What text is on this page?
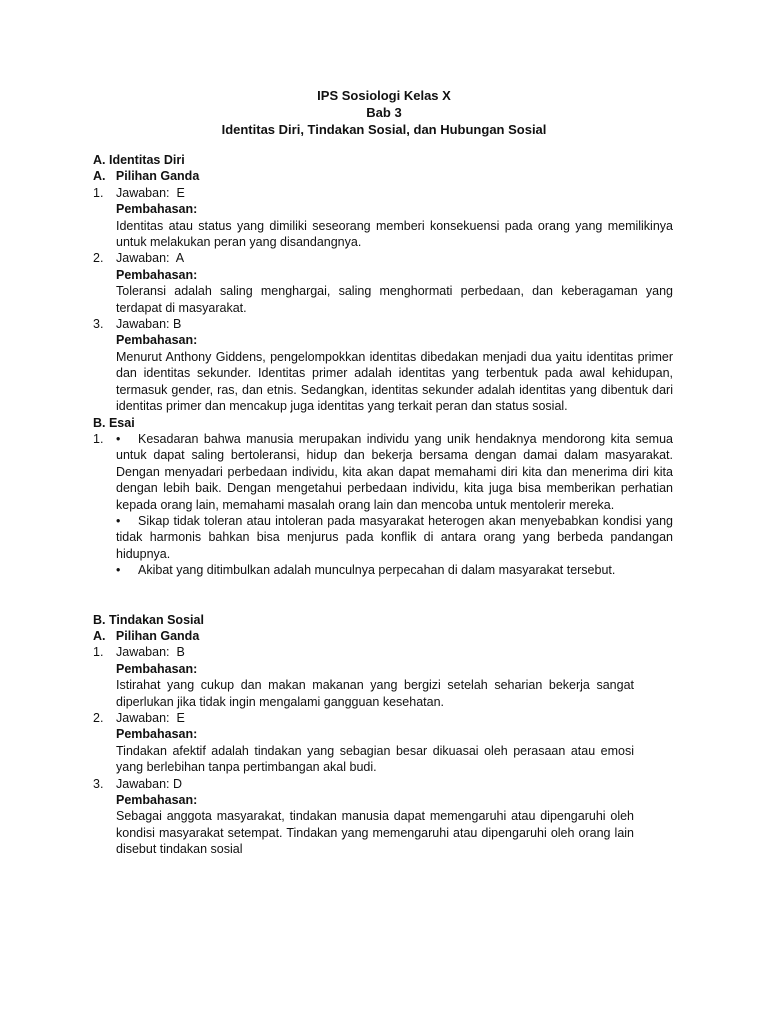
IPS Sosiologi Kelas X
Bab 3
Identitas Diri, Tindakan Sosial, dan Hubungan Sosial
A. Identitas Diri
A.   Pilihan Ganda
1.	Jawaban:  E
Pembahasan:
Identitas atau status yang dimiliki seseorang memberi konsekuensi pada orang yang memilikinya untuk melakukan peran yang disandangnya.
2.	Jawaban:  A
Pembahasan:
Toleransi adalah saling menghargai, saling menghormati perbedaan, dan keberagaman yang terdapat di masyarakat.
3.	Jawaban: B
Pembahasan:
Menurut Anthony Giddens, pengelompokkan identitas dibedakan menjadi dua yaitu identitas primer dan identitas sekunder. Identitas primer adalah identitas yang terbentuk pada awal kehidupan, termasuk gender, ras, dan etnis. Sedangkan, identitas sekunder adalah identitas yang dibentuk dari identitas primer dan mencakup juga identitas yang terkait peran dan status sosial.
B. Esai
1.	• Kesadaran bahwa manusia merupakan individu yang unik hendaknya mendorong kita semua untuk dapat saling bertoleransi, hidup dan bekerja bersama dengan damai dalam masyarakat. Dengan menyadari perbedaan individu, kita akan dapat memahami diri kita dan menerima diri kita dengan lebih baik. Dengan mengetahui perbedaan individu, kita juga bisa memberikan perhatian kepada orang lain, memahami masalah orang lain dan mencoba untuk mentolerir mereka.
• Sikap tidak toleran atau intoleran pada masyarakat heterogen akan menyebabkan kondisi yang tidak harmonis bahkan bisa menjurus pada konflik di antara orang yang berbeda pandangan hidupnya.
• Akibat yang ditimbulkan adalah munculnya perpecahan di dalam masyarakat tersebut.
B. Tindakan Sosial
A.   Pilihan Ganda
1.	Jawaban:  B
Pembahasan:
Istirahat yang cukup dan makan makanan yang bergizi setelah seharian bekerja sangat diperlukan jika tidak ingin mengalami gangguan kesehatan.
2.	Jawaban:  E
Pembahasan:
Tindakan afektif adalah tindakan yang sebagian besar dikuasai oleh perasaan atau emosi yang berlebihan tanpa pertimbangan akal budi.
3.	Jawaban: D
Pembahasan:
Sebagai anggota masyarakat, tindakan manusia dapat memengaruhi atau dipengaruhi oleh kondisi masyarakat setempat. Tindakan yang memengaruhi atau dipengaruhi oleh orang lain disebut tindakan sosial
